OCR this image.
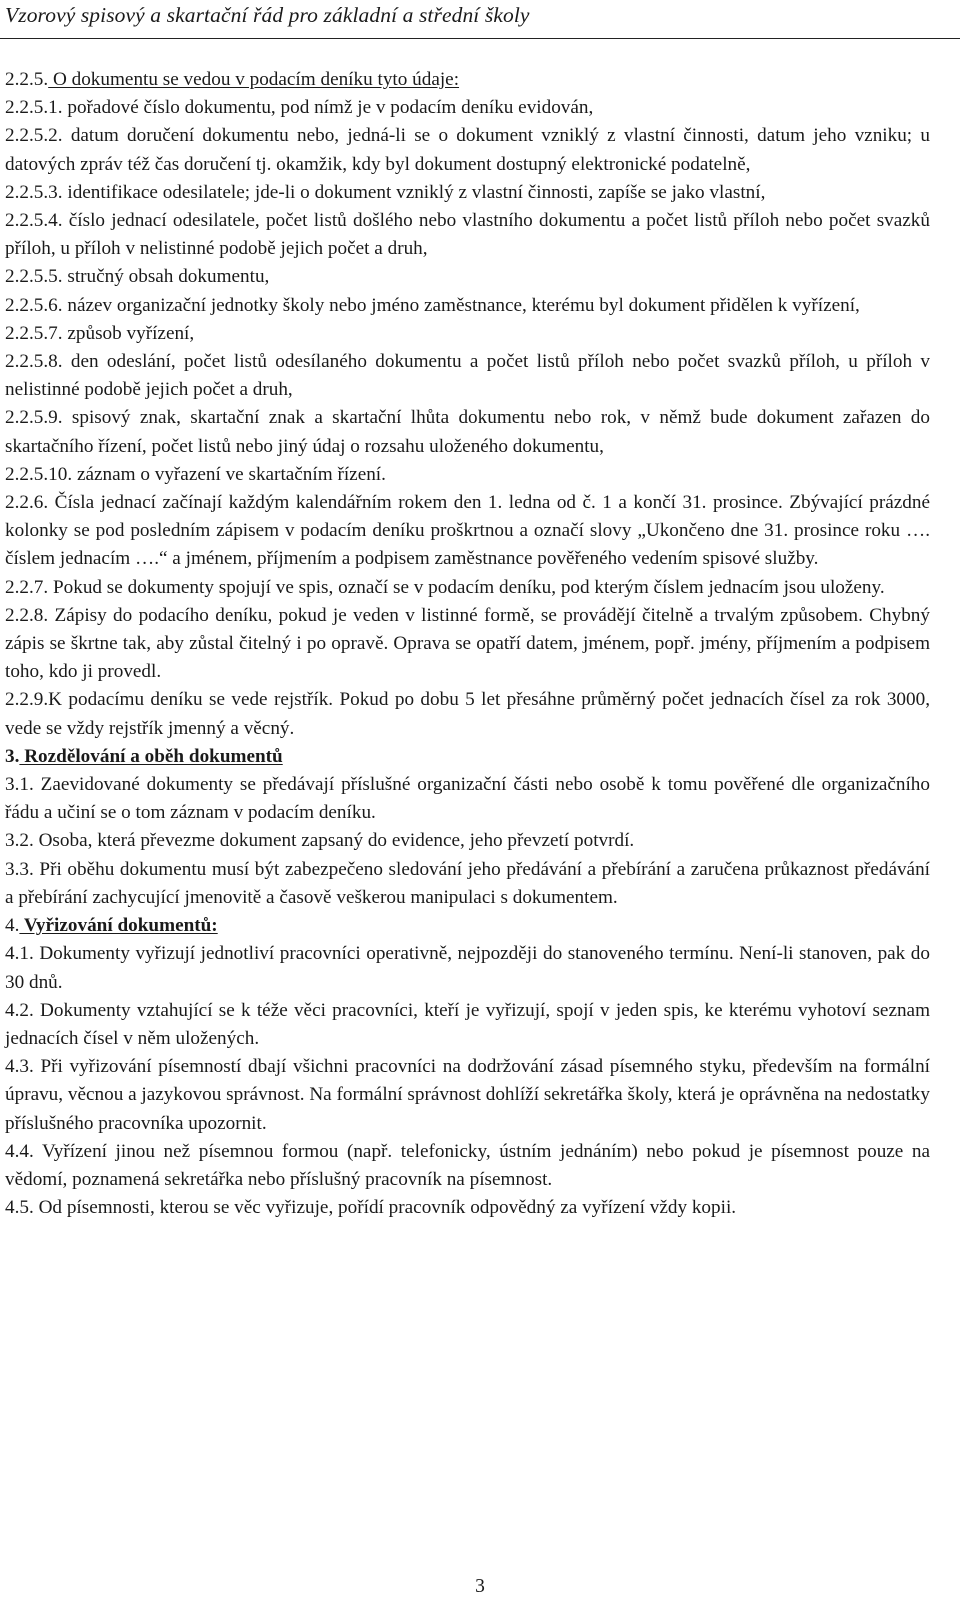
Vzorový spisový a skartační řád pro základní a střední školy

2.2.5. O dokumentu se vedou v podacím deníku tyto údaje:

2.2.5.1. pořadové číslo dokumentu, pod nímž je v podacím deníku evidován,

2.2.5.2. datum doručení dokumentu nebo, jedná-li se o dokument vzniklý z vlastní činnosti, datum jeho vzniku; u datových zpráv též čas doručení tj. okamžik, kdy byl dokument dostupný elektronické podatelně,

2.2.5.3. identifikace odesilatele; jde-li o dokument vzniklý z vlastní činnosti, zapíše se jako vlastní,

2.2.5.4. číslo jednací odesilatele, počet listů došlého nebo vlastního dokumentu a počet listů příloh nebo počet svazků příloh, u příloh v nelistinné podobě jejich počet a druh,

2.2.5.5. stručný obsah dokumentu,

2.2.5.6. název organizační jednotky školy nebo jméno zaměstnance, kterému byl dokument přidělen k vyřízení,

2.2.5.7. způsob vyřízení,

2.2.5.8. den odeslání, počet listů odesílaného dokumentu a počet listů příloh nebo počet svazků příloh, u příloh v nelistinné podobě jejich počet a druh,

2.2.5.9. spisový znak, skartační znak a skartační lhůta dokumentu nebo rok, v němž bude dokument zařazen do skartačního řízení, počet listů nebo jiný údaj o rozsahu uloženého dokumentu,

2.2.5.10. záznam o vyřazení ve skartačním řízení.

2.2.6. Čísla jednací začínají každým kalendářním rokem den 1. ledna od č. 1 a končí 31. prosince. Zbývající prázdné kolonky se pod posledním zápisem v podacím deníku proškrtnou a označí slovy „Ukončeno dne 31. prosince roku …. číslem jednacím ….“ a jménem, příjmením a podpisem zaměstnance pověřeného vedením spisové služby.

2.2.7. Pokud se dokumenty spojují ve spis, označí se v podacím deníku, pod kterým číslem jednacím jsou uloženy.

2.2.8. Zápisy do podacího deníku, pokud je veden v listinné formě, se provádějí čitelně a trvalým způsobem. Chybný zápis se škrtne tak, aby zůstal čitelný i po opravě. Oprava se opatří datem, jménem, popř. jmény, příjmením a podpisem toho, kdo ji provedl.

2.2.9.K podacímu deníku se vede rejstřík. Pokud po dobu 5 let přesáhne průměrný počet jednacích čísel za rok 3000, vede se vždy rejstřík jmenný a věcný.

3. Rozdělování a oběh dokumentů

3.1. Zaevidované dokumenty se předávají příslušné organizační části nebo osobě k tomu pověřené dle organizačního řádu a učiní se o tom záznam v podacím deníku.

3.2. Osoba, která převezme dokument zapsaný do evidence, jeho převzetí potvrdí.

3.3. Při oběhu dokumentu musí být zabezpečeno sledování jeho předávání a přebírání a zaručena průkaznost předávání a přebírání zachycující jmenovitě a časově veškerou manipulaci s dokumentem.

4. Vyřizování dokumentů:

4.1. Dokumenty vyřizují jednotliví pracovníci operativně, nejpozději do stanoveného termínu. Není-li stanoven, pak do 30 dnů.

4.2. Dokumenty vztahující se k téže věci pracovníci, kteří je vyřizují, spojí v jeden spis, ke kterému vyhotoví seznam jednacích čísel v něm uložených.

4.3. Při vyřizování písemností dbají všichni pracovníci na dodržování zásad písemného styku, především na formální úpravu, věcnou a jazykovou správnost. Na formální správnost dohlíží sekretářka školy, která je oprávněna na nedostatky příslušného pracovníka upozornit.

4.4. Vyřízení jinou než písemnou formou (např. telefonicky, ústním jednáním) nebo pokud je písemnost pouze na vědomí, poznamená sekretářka nebo příslušný pracovník na písemnost.

4.5. Od písemnosti, kterou se věc vyřizuje, pořídí pracovník odpovědný za vyřízení vždy kopii.

3
